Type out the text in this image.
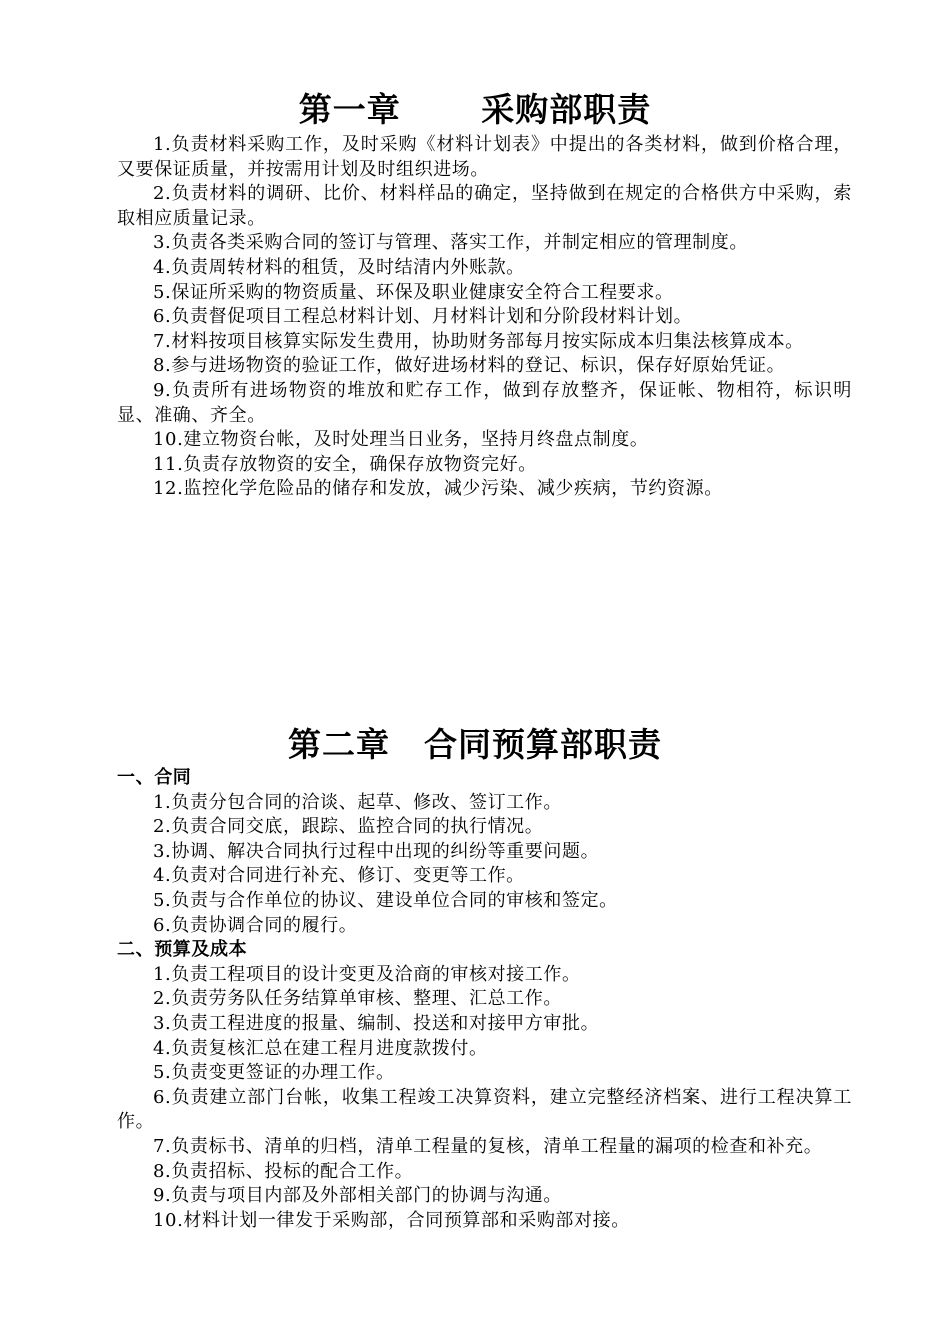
第一章　　 采购部职责

1.负责材料采购工作，及时采购《材料计划表》中提出的各类材料，做到价格合理，又要保证质量，并按需用计划及时组织进场。

2.负责材料的调研、比价、材料样品的确定，坚持做到在规定的合格供方中采购，索取相应质量记录。

3.负责各类采购合同的签订与管理、落实工作，并制定相应的管理制度。

4.负责周转材料的租赁，及时结清内外账款。

5.保证所采购的物资质量、环保及职业健康安全符合工程要求。

6.负责督促项目工程总材料计划、月材料计划和分阶段材料计划。

7.材料按项目核算实际发生费用，协助财务部每月按实际成本归集法核算成本。

8.参与进场物资的验证工作，做好进场材料的登记、标识，保存好原始凭证。

9.负责所有进场物资的堆放和贮存工作，做到存放整齐，保证帐、物相符，标识明显、准确、齐全。

10.建立物资台帐，及时处理当日业务，坚持月终盘点制度。

11.负责存放物资的安全，确保存放物资完好。

12.监控化学危险品的储存和发放，减少污染、减少疾病，节约资源。

第二章　合同预算部职责

一、合同

1.负责分包合同的洽谈、起草、修改、签订工作。

2.负责合同交底，跟踪、监控合同的执行情况。

3.协调、解决合同执行过程中出现的纠纷等重要问题。

4.负责对合同进行补充、修订、变更等工作。

5.负责与合作单位的协议、建设单位合同的审核和签定。

6.负责协调合同的履行。

二、预算及成本

1.负责工程项目的设计变更及洽商的审核对接工作。

2.负责劳务队任务结算单审核、整理、汇总工作。

3.负责工程进度的报量、编制、投送和对接甲方审批。

4.负责复核汇总在建工程月进度款拨付。

5.负责变更签证的办理工作。

6.负责建立部门台帐，收集工程竣工决算资料，建立完整经济档案、进行工程决算工作。

7.负责标书、清单的归档，清单工程量的复核，清单工程量的漏项的检查和补充。

8.负责招标、投标的配合工作。

9.负责与项目内部及外部相关部门的协调与沟通。

10.材料计划一律发于采购部，合同预算部和采购部对接。
